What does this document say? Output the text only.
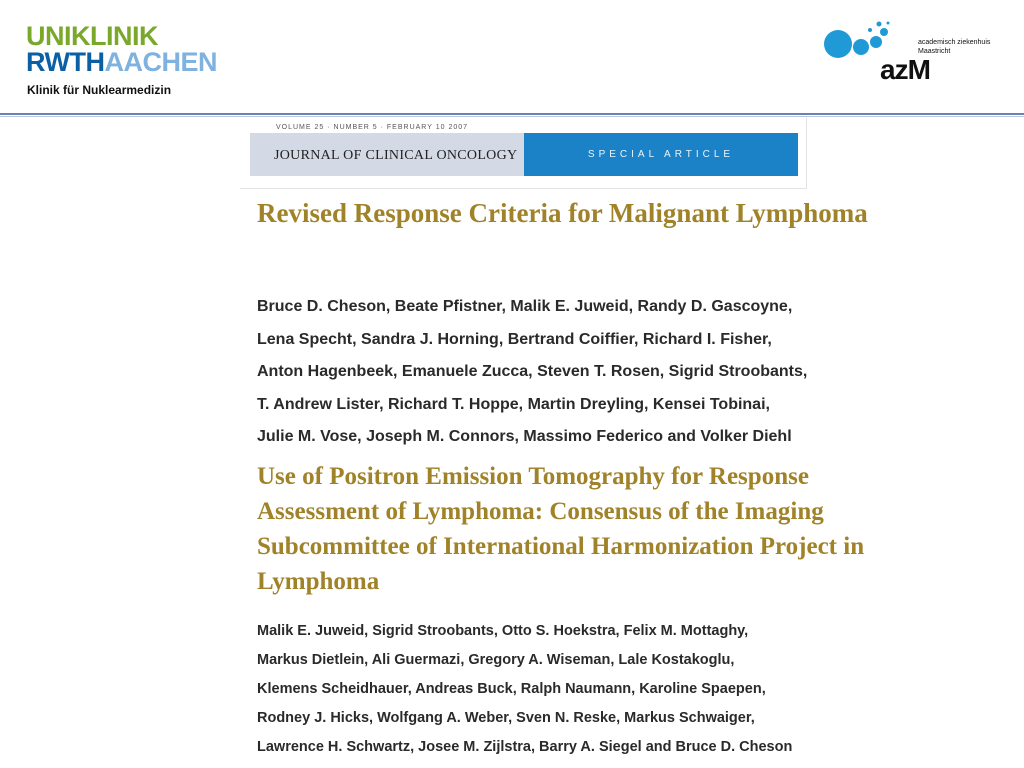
UNIKLINIK
RWTHAACHEN
Klinik für Nuklearmedizin
academisch ziekenhuis
Maastricht
azM
VOLUME 25 · NUMBER 5 · FEBRUARY 10 2007
JOURNAL OF CLINICAL ONCOLOGY	SPECIAL ARTICLE
Revised Response Criteria for Malignant Lymphoma
Bruce D. Cheson, Beate Pfistner, Malik E. Juweid, Randy D. Gascoyne,
Lena Specht, Sandra J. Horning, Bertrand Coiffier, Richard I. Fisher,
Anton Hagenbeek, Emanuele Zucca, Steven T. Rosen, Sigrid Stroobants,
T. Andrew Lister, Richard T. Hoppe, Martin Dreyling, Kensei Tobinai,
Julie M. Vose, Joseph M. Connors, Massimo Federico and Volker Diehl
Use of Positron Emission Tomography for Response Assessment of Lymphoma: Consensus of the Imaging Subcommittee of International Harmonization Project in Lymphoma
Malik E. Juweid, Sigrid Stroobants, Otto S. Hoekstra, Felix M. Mottaghy,
Markus Dietlein, Ali Guermazi, Gregory A. Wiseman, Lale Kostakoglu,
Klemens Scheidhauer, Andreas Buck, Ralph Naumann, Karoline Spaepen,
Rodney J. Hicks, Wolfgang A. Weber, Sven N. Reske, Markus Schwaiger,
Lawrence H. Schwartz, Josee M. Zijlstra, Barry A. Siegel and Bruce D. Cheson
